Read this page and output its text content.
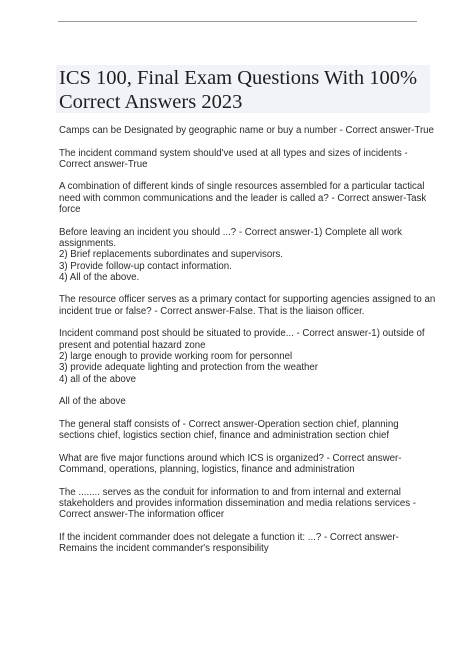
ICS 100, Final Exam Questions With 100%
Correct Answers 2023

Camps can be Designated by geographic name or buy a number - Correct answer-True

The incident command system should've used at all types and sizes of incidents -
Correct answer-True

A combination of different kinds of single resources assembled for a particular tactical
need with common communications and the leader is called a? - Correct answer-Task
force

Before leaving an incident you should ...? - Correct answer-1) Complete all work
assignments.
2) Brief replacements subordinates and supervisors.
3) Provide follow-up contact information.
4) All of the above.

The resource officer serves as a primary contact for supporting agencies assigned to an
incident true or false? - Correct answer-False. That is the liaison officer.

Incident command post should be situated to provide... - Correct answer-1) outside of
present and potential hazard zone
2) large enough to provide working room for personnel
3) provide adequate lighting and protection from the weather
4) all of the above

All of the above

The general staff consists of - Correct answer-Operation section chief, planning
sections chief, logistics section chief, finance and administration section chief

What are five major functions around which ICS is organized? - Correct answer-
Command, operations, planning, logistics, finance and administration

The ........ serves as the conduit for information to and from internal and external
stakeholders and provides information dissemination and media relations services -
Correct answer-The information officer

If the incident commander does not delegate a function it: ...? - Correct answer-
Remains the incident commander's responsibility
